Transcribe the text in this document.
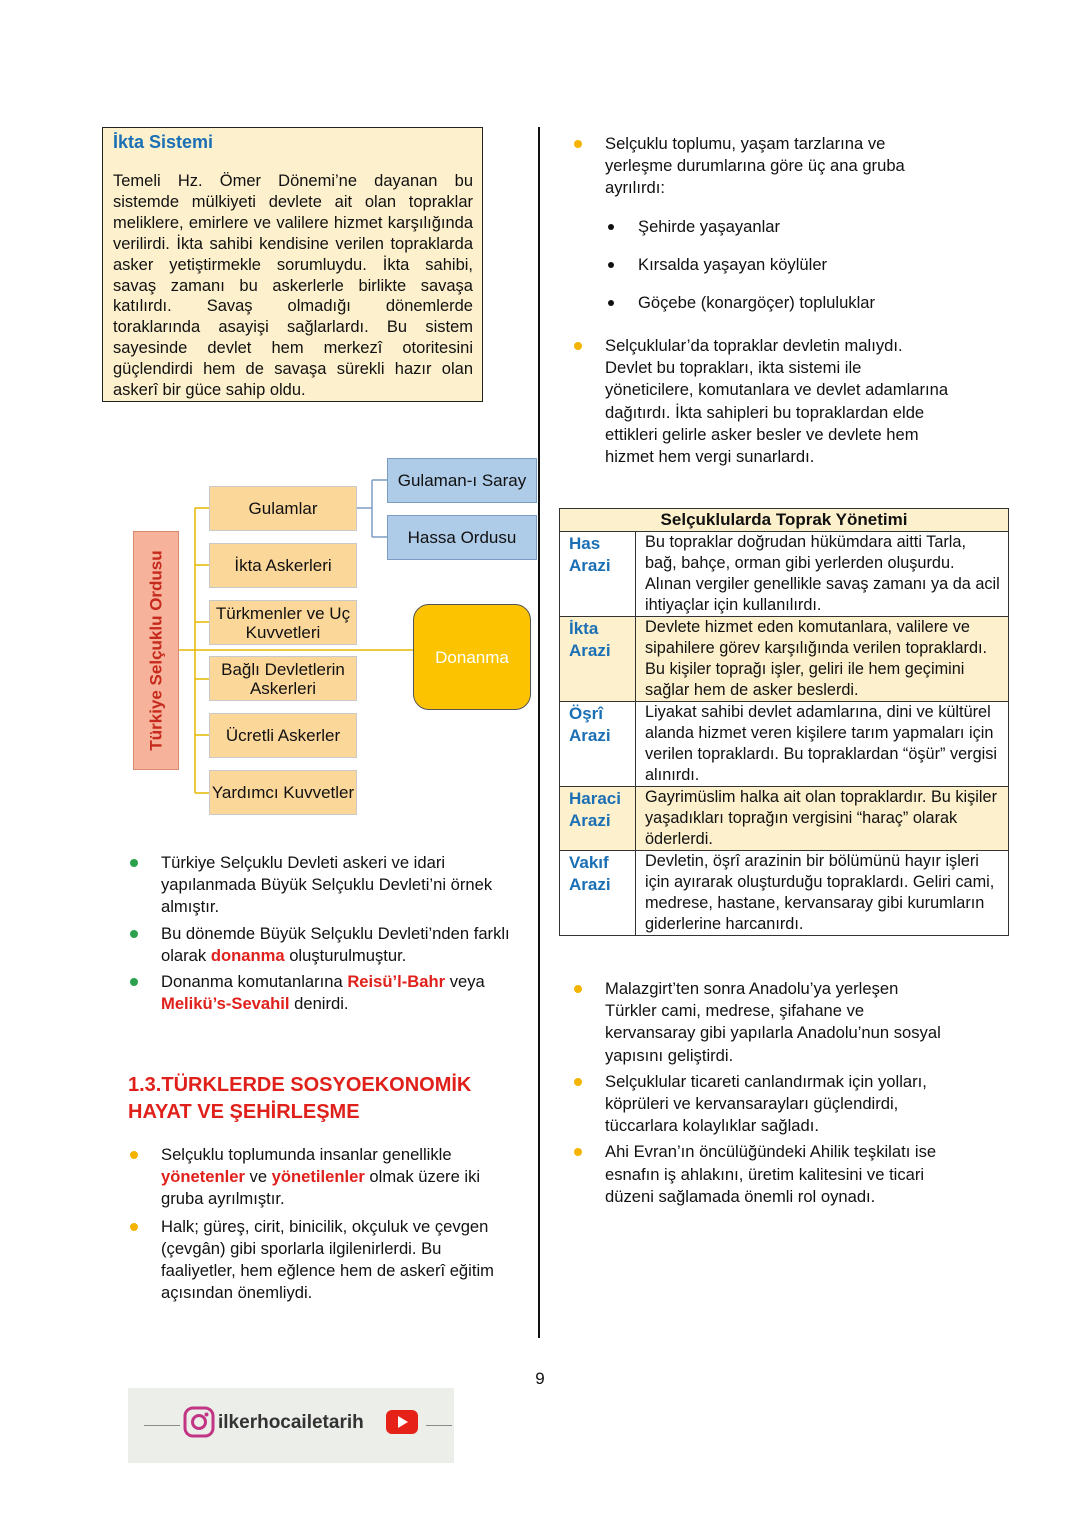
İkta Sistemi

Temeli Hz. Ömer Dönemi’ne dayanan bu sistemde mülkiyeti devlete ait olan topraklar meliklere, emirlere ve valilere hizmet karşılığında verilirdi. İkta sahibi kendisine verilen topraklarda asker yetiştirmekle sorumluydu. İkta sahibi, savaş zamanı bu askerlerle birlikte savaşa katılırdı. Savaş olmadığı dönemlerde toraklarında asayişi sağlarlardı. Bu sistem sayesinde devlet hem merkezî otoritesini güçlendirdi hem de savaşa sürekli hazır olan askerî bir güce sahip oldu.

Türkiye Selçuklu Ordusu
Gulamlar
İkta Askerleri
Türkmenler ve Uç Kuvvetleri
Bağlı Devletlerin Askerleri
Ücretli Askerler
Yardımcı Kuvvetler
Gulaman-ı Saray
Hassa Ordusu
Donanma
Türkiye Selçuklu Devleti askeri ve idari yapılanmada Büyük Selçuklu Devleti’ni örnek almıştır.
Bu dönemde Büyük Selçuklu Devleti’nden farklı olarak donanma oluşturulmuştur.
Donanma komutanlarına Reisü’l-Bahr veya Melikü’s-Sevahil denirdi.
1.3.TÜRKLERDE SOSYOEKONOMİK HAYAT VE ŞEHİRLEŞME
Selçuklu toplumunda insanlar genellikle yönetenler ve yönetilenler olmak üzere iki gruba ayrılmıştır.
Halk; güreş, cirit, binicilik, okçuluk ve çevgen (çevgân) gibi sporlarla ilgilenirlerdi. Bu faaliyetler, hem eğlence hem de askerî eğitim açısından önemliydi.
Selçuklu toplumu, yaşam tarzlarına ve yerleşme durumlarına göre üç ana gruba ayrılırdı:
Şehirde yaşayanlar
Kırsalda yaşayan köylüler
Göçebe (konargöçer) topluluklar
Selçuklular’da topraklar devletin malıydı. Devlet bu toprakları, ikta sistemi ile yöneticilere, komutanlara ve devlet adamlarına dağıtırdı. İkta sahipleri bu topraklardan elde ettikleri gelirle asker besler ve devlete hem hizmet hem vergi sunarlardı.
Selçuklularda Toprak Yönetimi	
Has Arazi	Bu topraklar doğrudan hükümdara aitti Tarla, bağ, bahçe, orman gibi yerlerden oluşurdu. Alınan vergiler genellikle savaş zamanı ya da acil ihtiyaçlar için kullanılırdı.
İkta Arazi	Devlete hizmet eden komutanlara, valilere ve sipahilere görev karşılığında verilen topraklardı. Bu kişiler toprağı işler, geliri ile hem geçimini sağlar hem de asker beslerdi.
Öşrî Arazi	Liyakat sahibi devlet adamlarına, dini ve kültürel alanda hizmet veren kişilere tarım yapmaları için verilen topraklardı. Bu topraklardan “öşür” vergisi alınırdı.
Haraci Arazi	Gayrimüslim halka ait olan topraklardır. Bu kişiler yaşadıkları toprağın vergisini “haraç” olarak öderlerdi.
Vakıf Arazi	Devletin, öşrî arazinin bir bölümünü hayır işleri için ayırarak oluşturduğu topraklardı. Geliri cami, medrese, hastane, kervansaray gibi kurumların giderlerine harcanırdı.
Malazgirt’ten sonra Anadolu’ya yerleşen Türkler cami, medrese, şifahane ve kervansaray gibi yapılarla Anadolu’nun sosyal yapısını geliştirdi.
Selçuklular ticareti canlandırmak için yolları, köprüleri ve kervansarayları güçlendirdi, tüccarlara kolaylıklar sağladı.
Ahi Evran’ın öncülüğündeki Ahilik teşkilatı ise esnafın iş ahlakını, üretim kalitesini ve ticari düzeni sağlamada önemli rol oynadı.
9
ilkerhocailetarih
